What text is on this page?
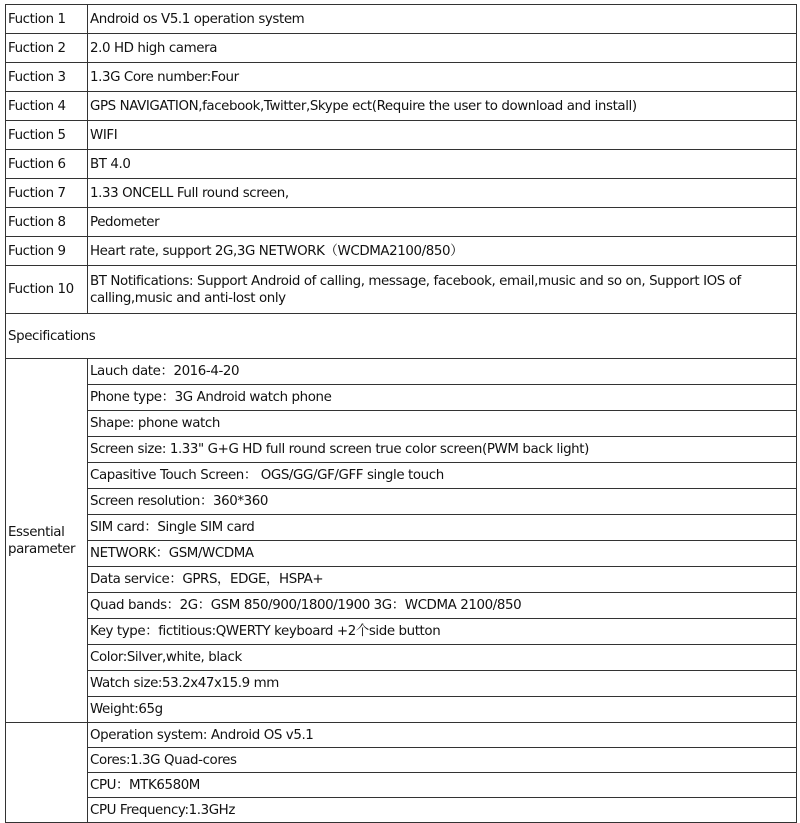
Fuction 1	Android os V5.1 operation system
Fuction 2	2.0 HD high camera
Fuction 3	1.3G Core number:Four
Fuction 4	GPS NAVIGATION,facebook,Twitter,Skype ect(Require the user to download and install)
Fuction 5	WIFI
Fuction 6	BT 4.0
Fuction 7	1.33 ONCELL Full round screen,
Fuction 8	Pedometer
Fuction 9	Heart rate, support 2G,3G NETWORK（WCDMA2100/850）
Fuction 10	BT Notifications: Support Android of calling, message, facebook, email,music and so on, Support IOS of calling,music and anti-lost only
Specifications	
Essential parameter	Lauch date：2016-4-20
	Phone type：3G Android watch phone
	Shape: phone watch
	Screen size: 1.33" G+G HD full round screen true color screen(PWM back light)
	Capasitive Touch Screen： OGS/GG/GF/GFF single touch
	Screen resolution：360*360
	SIM card：Single SIM card
	NETWORK：GSM/WCDMA
	Data service：GPRS，EDGE，HSPA+
	Quad bands：2G：GSM 850/900/1800/1900 3G：WCDMA 2100/850
	Key type：fictitious:QWERTY keyboard +2个side button
	Color:Silver,white, black
	Watch size:53.2x47x15.9 mm
	Weight:65g
	Operation system: Android OS v5.1
	Cores:1.3G Quad-cores
	CPU：MTK6580M
	CPU Frequency:1.3GHz
